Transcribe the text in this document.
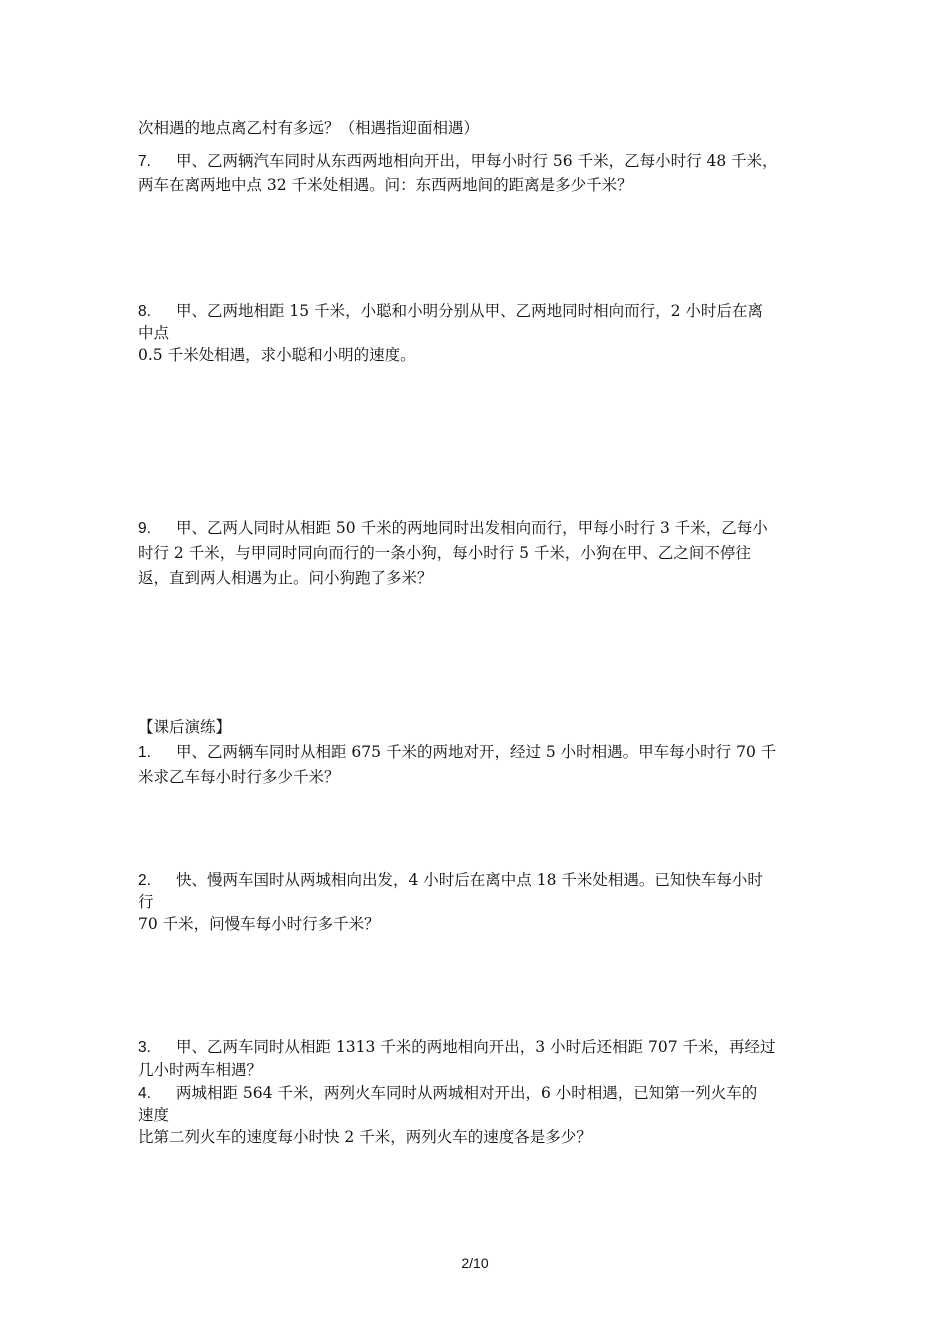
次相遇的地点离乙村有多远？（相遇指迎面相遇）
7. 甲、乙两辆汽车同时从东西两地相向开出，甲每小时行 56 千米，乙每小时行 48 千米，
两车在离两地中点 32 千米处相遇。问：东西两地间的距离是多少千米？
8. 甲、乙两地相距 15 千米，小聪和小明分别从甲、乙两地同时相向而行，2 小时后在离
中点
0.5 千米处相遇，求小聪和小明的速度。
9. 甲、乙两人同时从相距 50 千米的两地同时出发相向而行，甲每小时行 3 千米，乙每小
时行 2 千米，与甲同时同向而行的一条小狗，每小时行 5 千米，小狗在甲、乙之间不停往
返，直到两人相遇为止。问小狗跑了多米？
【课后演练】
1. 甲、乙两辆车同时从相距 675 千米的两地对开，经过 5 小时相遇。甲车每小时行 70 千
米求乙车每小时行多少千米？
2. 快、慢两车国时从两城相向出发，4 小时后在离中点 18 千米处相遇。已知快车每小时
行
70 千米，问慢车每小时行多千米？
3. 甲、乙两车同时从相距 1313 千米的两地相向开出，3 小时后还相距 707 千米，再经过
几小时两车相遇？
4. 两城相距 564 千米，两列火车同时从两城相对开出，6 小时相遇，已知第一列火车的
速度
比第二列火车的速度每小时快 2 千米，两列火车的速度各是多少？
2/10
